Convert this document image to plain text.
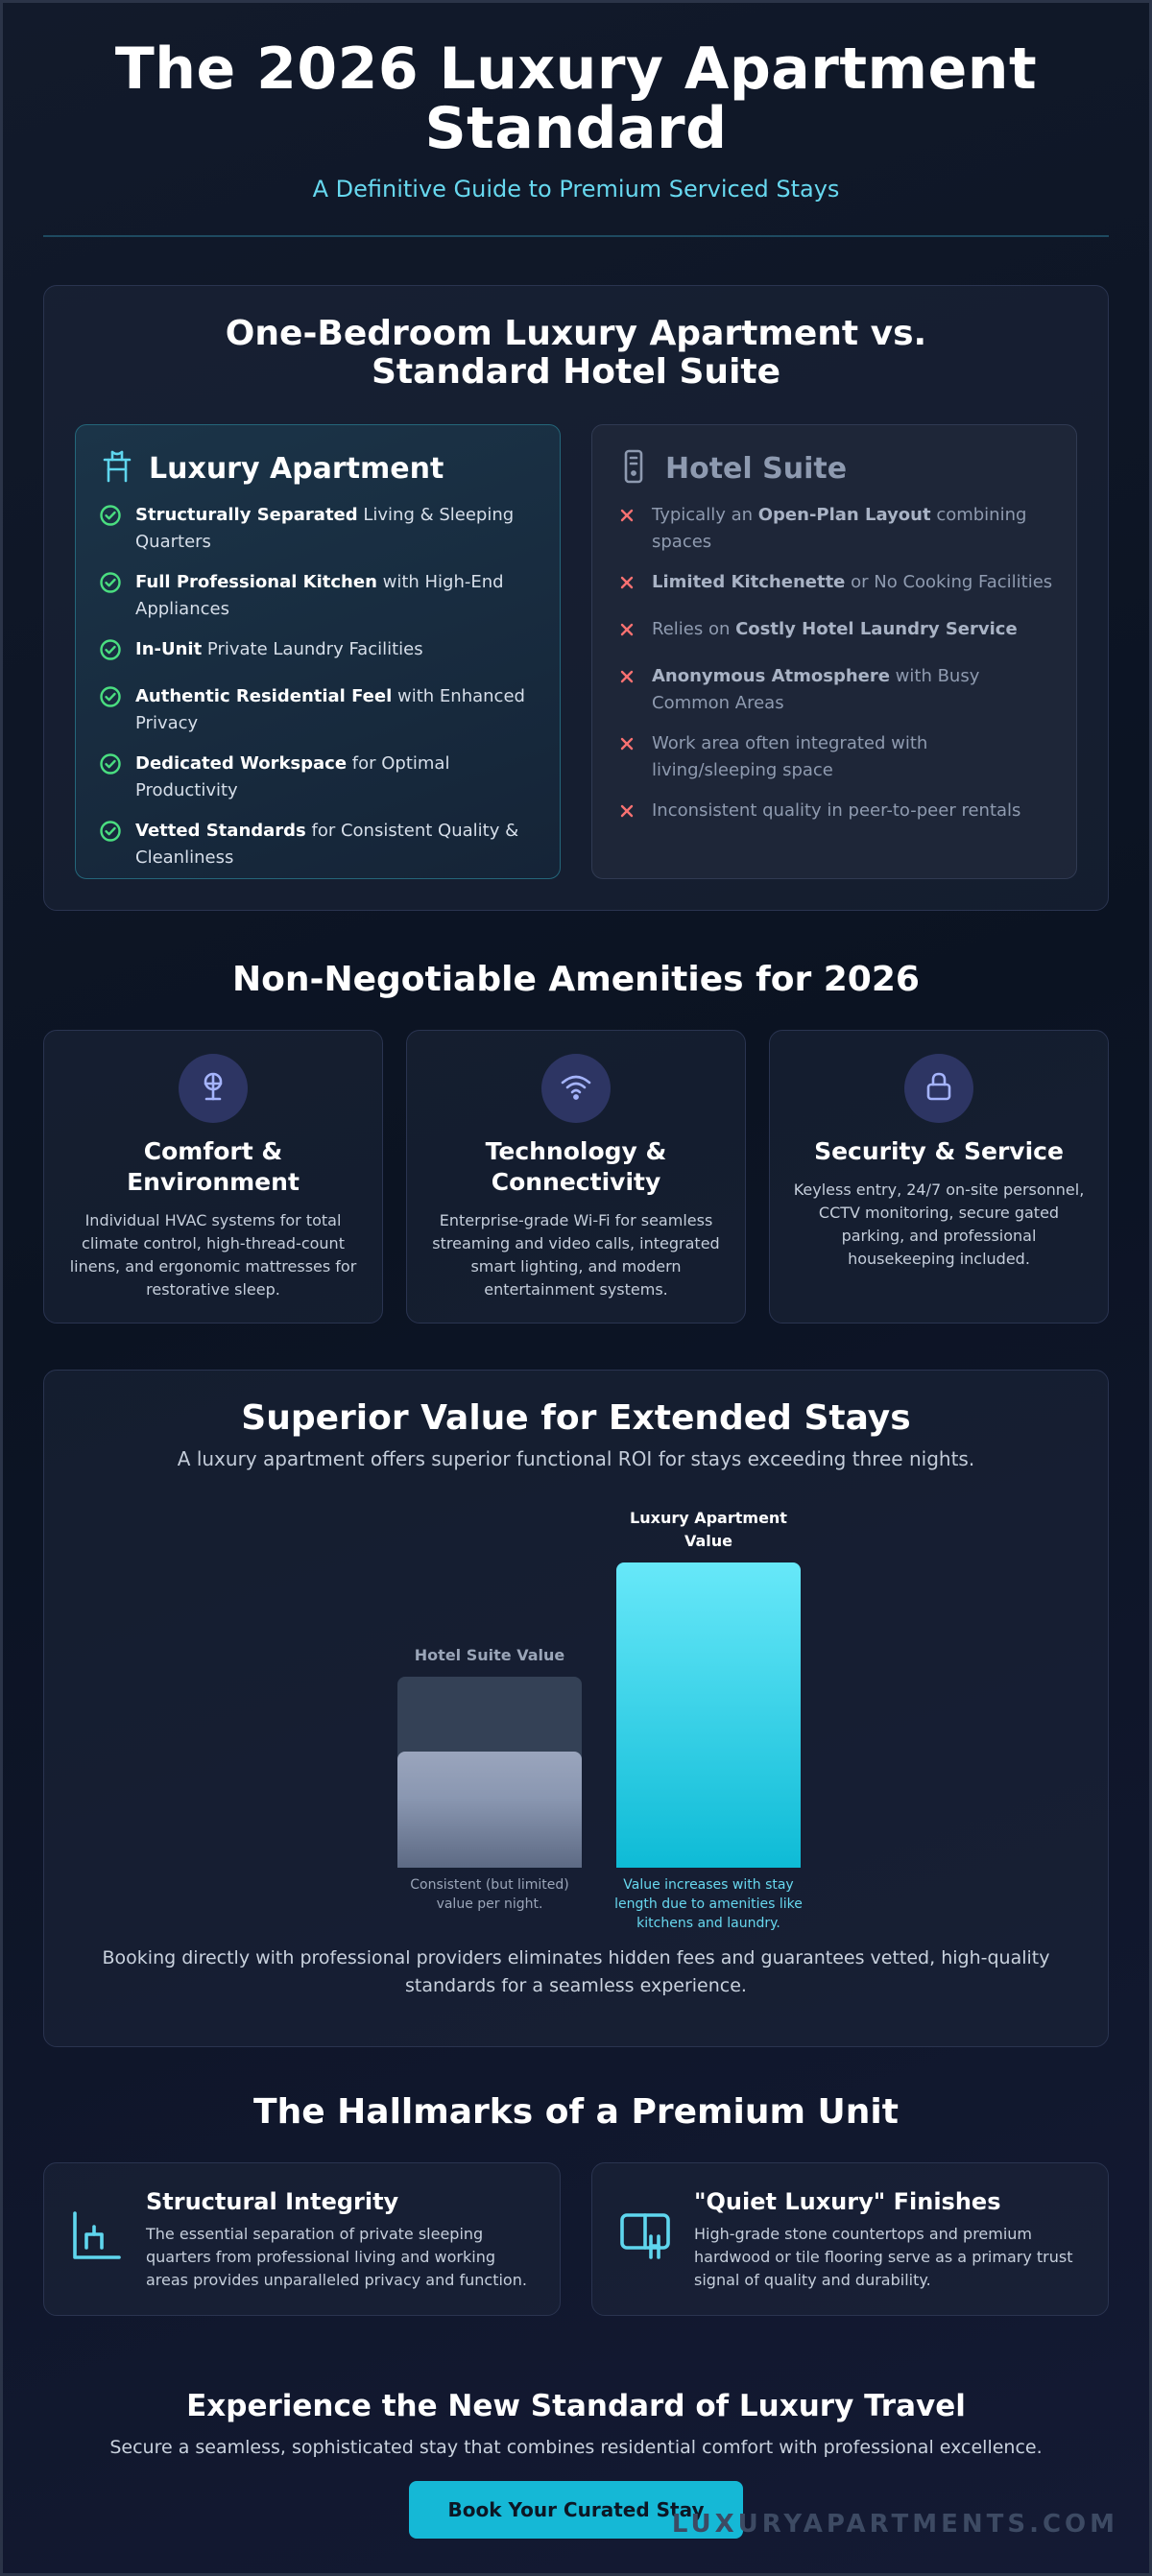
The 2026 Luxury Apartment Standard
A Definitive Guide to Premium Serviced Stays
One-Bedroom Luxury Apartment vs. Standard Hotel Suite
Luxury Apartment
Structurally Separated Living & Sleeping Quarters
Full Professional Kitchen with High-End Appliances
In-Unit Private Laundry Facilities
Authentic Residential Feel with Enhanced Privacy
Dedicated Workspace for Optimal Productivity
Vetted Standards for Consistent Quality & Cleanliness
Hotel Suite
Typically an Open-Plan Layout combining spaces
Limited Kitchenette or No Cooking Facilities
Relies on Costly Hotel Laundry Service
Anonymous Atmosphere with Busy Common Areas
Work area often integrated with living/sleeping space
Inconsistent quality in peer-to-peer rentals
Non-Negotiable Amenities for 2026
Comfort & Environment

Individual HVAC systems for total climate control, high-thread-count linens, and ergonomic mattresses for restorative sleep.

Technology & Connectivity

Enterprise-grade Wi-Fi for seamless streaming and video calls, integrated smart lighting, and modern entertainment systems.

Security & Service

Keyless entry, 24/7 on-site personnel, CCTV monitoring, secure gated parking, and professional housekeeping included.

Superior Value for Extended Stays
A luxury apartment offers superior functional ROI for stays exceeding three nights.
Hotel Suite Value
Consistent (but limited) value per night.
Luxury Apartment Value
Value increases with stay length due to amenities like kitchens and laundry.
Booking directly with professional providers eliminates hidden fees and guarantees vetted, high-quality standards for a seamless experience.
The Hallmarks of a Premium Unit
Structural Integrity

The essential separation of private sleeping quarters from professional living and working areas provides unparalleled privacy and function.

"Quiet Luxury" Finishes

High-grade stone countertops and premium hardwood or tile flooring serve as a primary trust signal of quality and durability.

Experience the New Standard of Luxury Travel
Secure a seamless, sophisticated stay that combines residential comfort with professional excellence.
Book Your Curated Stay
LUXURYAPARTMENTS.COM
